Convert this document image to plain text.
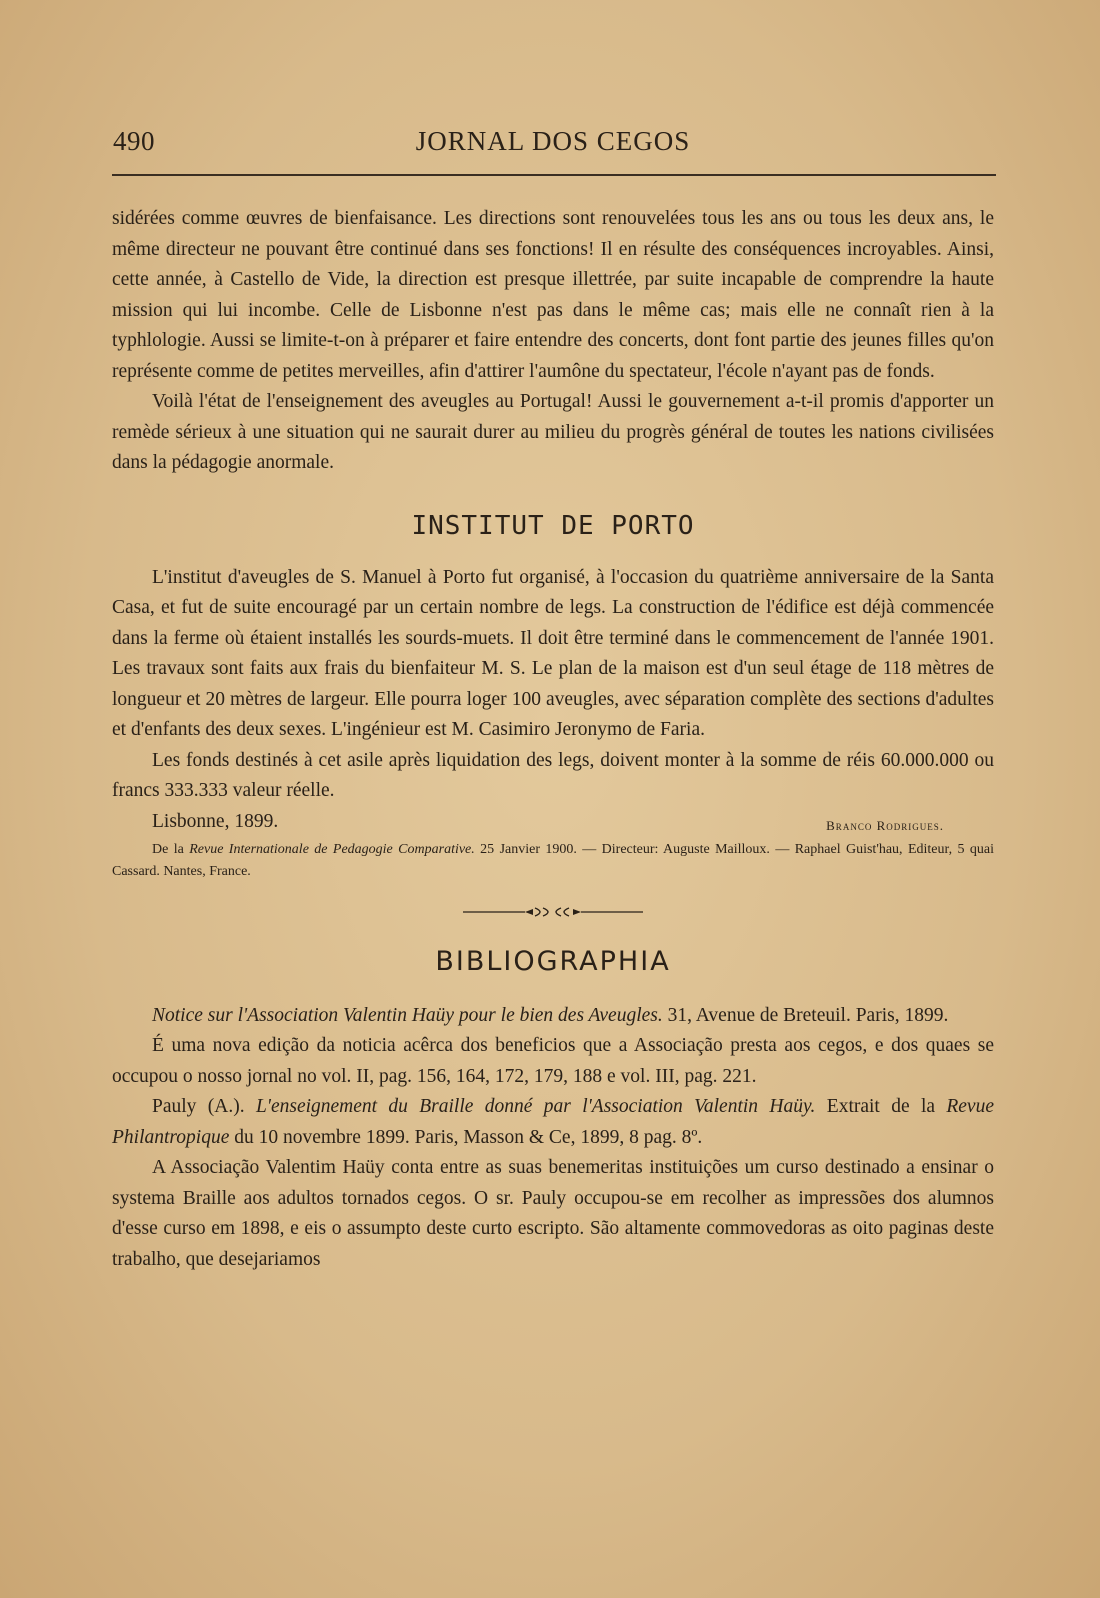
490	JORNAL DOS CEGOS

sidérées comme œuvres de bienfaisance. Les directions sont renouvelées tous les ans ou tous les deux ans, le même directeur ne pouvant être continué dans ses fonctions! Il en résulte des conséquences incroyables. Ainsi, cette année, à Castello de Vide, la direction est presque illettrée, par suite incapable de comprendre la haute mission qui lui incombe. Celle de Lisbonne n'est pas dans le même cas; mais elle ne connaît rien à la typhlologie. Aussi se limite-t-on à préparer et faire entendre des concerts, dont font partie des jeunes filles qu'on représente comme de petites merveilles, afin d'attirer l'aumône du spectateur, l'école n'ayant pas de fonds.

Voilà l'état de l'enseignement des aveugles au Portugal! Aussi le gouvernement a-t-il promis d'apporter un remède sérieux à une situation qui ne saurait durer au milieu du progrès général de toutes les nations civilisées dans la pédagogie anormale.

INSTITUT DE PORTO

L'institut d'aveugles de S. Manuel à Porto fut organisé, à l'occasion du quatrième anniversaire de la Santa Casa, et fut de suite encouragé par un certain nombre de legs. La construction de l'édifice est déjà commencée dans la ferme où étaient installés les sourds-muets. Il doit être terminé dans le commencement de l'année 1901. Les travaux sont faits aux frais du bienfaiteur M. S. Le plan de la maison est d'un seul étage de 118 mètres de longueur et 20 mètres de largeur. Elle pourra loger 100 aveugles, avec séparation complète des sections d'adultes et d'enfants des deux sexes. L'ingénieur est M. Casimiro Jeronymo de Faria.

Les fonds destinés à cet asile après liquidation des legs, doivent monter à la somme de réis 60.000.000 ou francs 333.333 valeur réelle.

Lisbonne, 1899.	Branco Rodrigues.

De la Revue Internationale de Pedagogie Comparative. 25 Janvier 1900. — Directeur: Auguste Mailloux. — Raphael Guist'hau, Editeur, 5 quai Cassard. Nantes, France.

BIBLIOGRAPHIA

Notice sur l'Association Valentin Haüy pour le bien des Aveugles. 31, Avenue de Breteuil. Paris, 1899.

É uma nova edição da noticia acêrca dos beneficios que a Associação presta aos cegos, e dos quaes se occupou o nosso jornal no vol. II, pag. 156, 164, 172, 179, 188 e vol. III, pag. 221.

Pauly (A.). L'enseignement du Braille donné par l'Association Valentin Haüy. Extrait de la Revue Philantropique du 10 novembre 1899. Paris, Masson & Ce, 1899, 8 pag. 8º.

A Associação Valentim Haüy conta entre as suas benemeritas instituições um curso destinado a ensinar o systema Braille aos adultos tornados cegos. O sr. Pauly occupou-se em recolher as impressões dos alumnos d'esse curso em 1898, e eis o assumpto deste curto escripto. São altamente commovedoras as oito paginas deste trabalho, que desejariamos
